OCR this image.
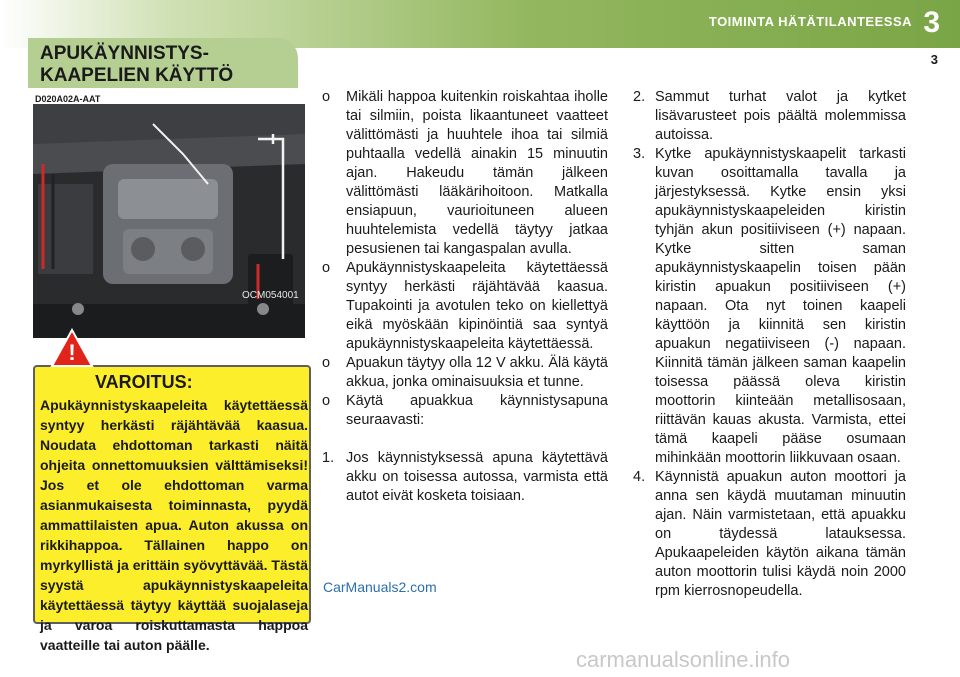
TOIMINTA HÄTÄTILANTEESSA 3
3
APUKÄYNNISTYS-
KAAPELIEN KÄYTTÖ
D020A02A-AAT
OCM054001
!
VAROITUS:
Apukäynnistyskaapeleita käytettäessä syntyy herkästi räjähtävää kaasua. Noudata ehdottoman tarkasti näitä ohjeita onnettomuuksien välttämiseksi! Jos et ole ehdottoman varma asianmukaisesta toiminnasta, pyydä ammattilaisten apua. Auton akussa on rikkihappoa. Tällainen happo on myrkyllistä ja erittäin syövyttävää. Tästä syystä apukäynnistyskaapeleita käytettäessä täytyy käyttää suojalaseja ja varoa roiskuttamasta happoa vaatteille tai auton päälle.
o	Mikäli happoa kuitenkin roiskahtaa iholle tai silmiin, poista likaantuneet vaatteet välittömästi ja huuhtele ihoa tai silmiä puhtaalla vedellä ainakin 15 minuutin ajan. Hakeudu tämän jälkeen välittömästi lääkärihoitoon. Matkalla ensiapuun, vaurioituneen alueen huuhtelemista vedellä täytyy jatkaa pesusienen tai kangaspalan avulla.
o	Apukäynnistyskaapeleita käytettäessä syntyy herkästi räjähtävää kaasua. Tupakointi ja avotulen teko on kiellettyä eikä myöskään kipinöintiä saa syntyä apukäynnistyskaapeleita käytettäessä.
o	Apuakun täytyy olla 12 V akku. Älä käytä akkua, jonka ominaisuuksia et tunne.
o	Käytä apuakkua käynnistysapuna seuraavasti:
1. Jos käynnistyksessä apuna käytettävä akku on toisessa autossa, varmista että autot eivät kosketa toisiaan.
2. Sammut turhat valot ja kytket lisävarusteet pois päältä molemmissa autoissa.
3. Kytke apukäynnistyskaapelit tarkasti kuvan osoittamalla tavalla ja järjestyksessä. Kytke ensin yksi apukäynnistyskaapeleiden kiristin tyhjän akun positiiviseen (+) napaan. Kytke sitten saman apukäynnistyskaapelin toisen pään kiristin apuakun positiiviseen (+) napaan. Ota nyt toinen kaapeli käyttöön ja kiinnitä sen kiristin apuakun negatiiviseen (-) napaan. Kiinnitä tämän jälkeen saman kaapelin toisessa päässä oleva kiristin moottorin kiinteään metallisosaan, riittävän kauas akusta. Varmista, ettei tämä kaapeli pääse osumaan mihinkään moottorin liikkuvaan osaan.
4. Käynnistä apuakun auton moottori ja anna sen käydä muutaman minuutin ajan. Näin varmistetaan, että apuakku on täydessä latauksessa. Apukaapeleiden käytön aikana tämän auton moottorin tulisi käydä noin 2000 rpm kierrosnopeudella.
CarManuals2.com
carmanualsonline.info
